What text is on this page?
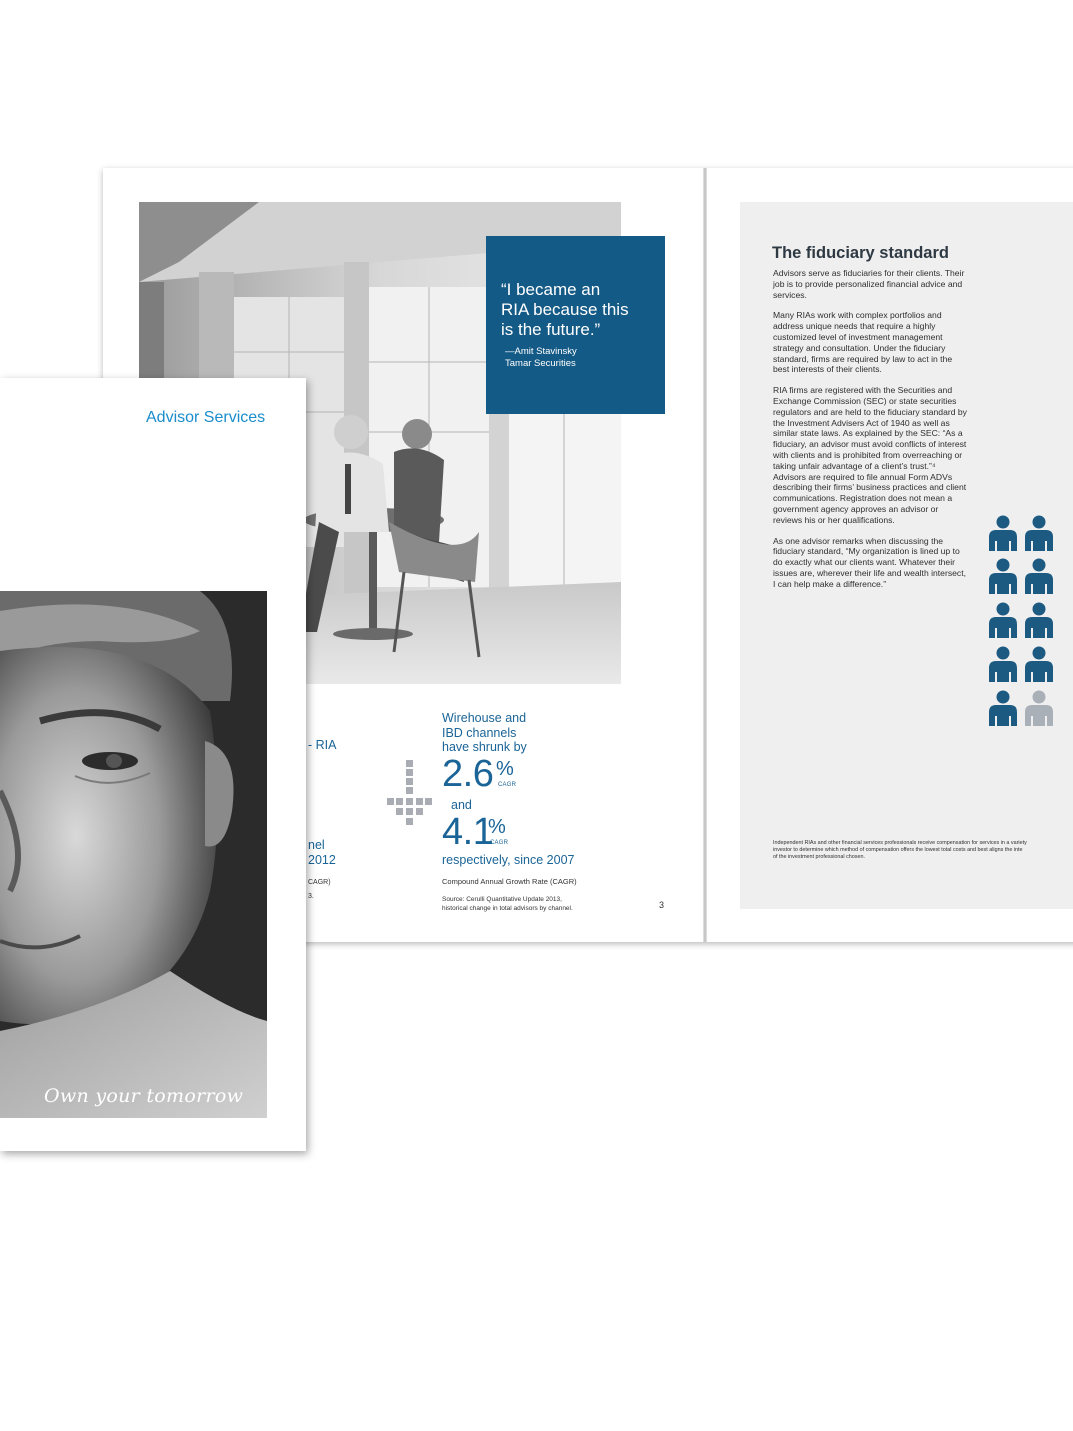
“I became an
RIA because this
is the future.”
—Amit Stavinsky
Tamar Securities
- RIA
nel
2012
CAGR)
3.
Wirehouse and
IBD channels
have shrunk by
2.6 %
CAGR
and
4.1
%
CAGR
respectively, since 2007
Compound Annual Growth Rate (CAGR)
Source: Cerulli Quantitative Update 2013,
historical change in total advisors by channel.	3
The fiduciary standard

Advisors serve as fiduciaries for their clients. Their job is to provide personalized financial advice and services.

Many RIAs work with complex portfolios and address unique needs that require a highly customized level of investment management strategy and consultation. Under the fiduciary standard, firms are required by law to act in the best interests of their clients.

RIA firms are registered with the Securities and Exchange Commission (SEC) or state securities regulators and are held to the fiduciary standard by the Investment Advisers Act of 1940 as well as similar state laws. As explained by the SEC: “As a fiduciary, an advisor must avoid conflicts of interest with clients and is prohibited from overreaching or taking unfair advantage of a client’s trust.”⁴ Advisors are required to file annual Form ADVs describing their firms’ business practices and client communications. Registration does not mean a government agency approves an advisor or reviews his or her qualifications.

As one advisor remarks when discussing the fiduciary standard, “My organization is lined up to do exactly what our clients want. Whatever their issues are, wherever their life and wealth intersect, I can help make a difference.”

Independent RIAs and other financial services professionals receive compensation for services in a variety
investor to determine which method of compensation offers the lowest total costs and best aligns the inte
of the investment professional chosen.
Advisor Services
Own your tomorrow
